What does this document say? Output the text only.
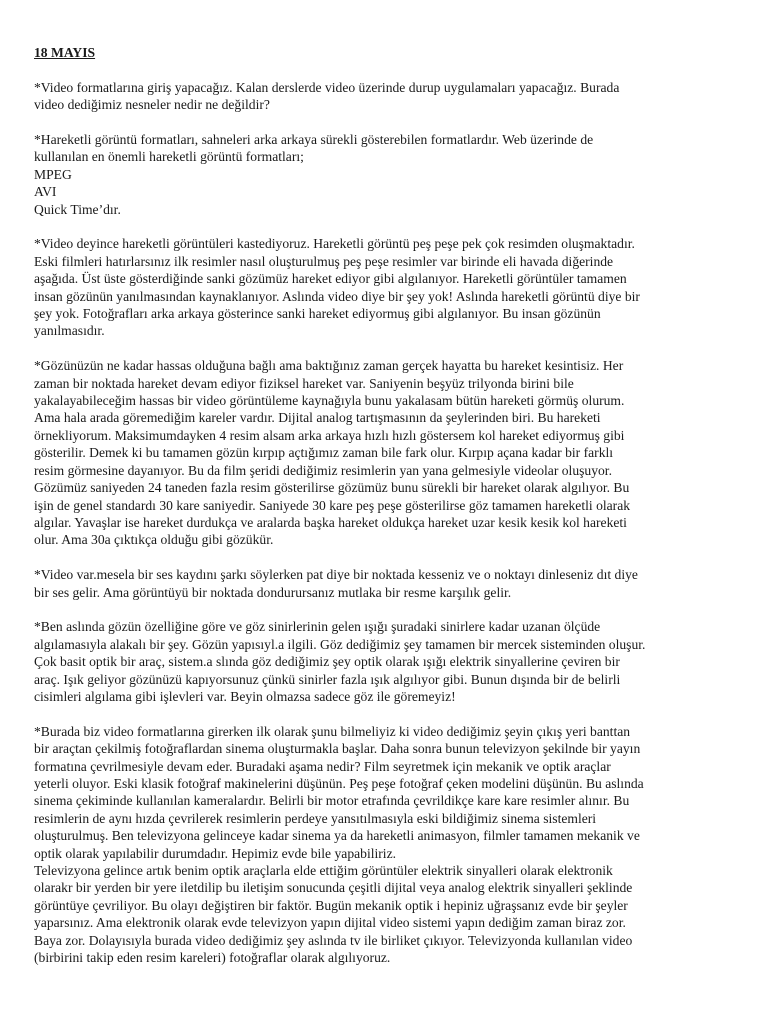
18 MAYIS
*Video formatlarına giriş yapacağız. Kalan derslerde video üzerinde durup uygulamaları yapacağız. Burada
video dediğimiz nesneler nedir ne değildir?
*Hareketli görüntü formatları, sahneleri arka arkaya sürekli gösterebilen formatlardır. Web üzerinde de
kullanılan en önemli hareketli görüntü formatları;
MPEG
AVI
Quick Time’dır.
*Video deyince hareketli görüntüleri kastediyoruz. Hareketli görüntü peş peşe pek çok resimden oluşmaktadır.
Eski filmleri hatırlarsınız ilk resimler nasıl oluşturulmuş peş peşe resimler var birinde eli havada diğerinde
aşağıda. Üst üste gösterdiğinde sanki gözümüz hareket ediyor gibi algılanıyor. Hareketli görüntüler tamamen
insan gözünün yanılmasından kaynaklanıyor. Aslında video diye bir şey yok! Aslında hareketli görüntü diye bir
şey yok. Fotoğrafları arka arkaya gösterince sanki hareket ediyormuş gibi algılanıyor. Bu insan gözünün
yanılmasıdır.
*Gözünüzün ne kadar hassas olduğuna bağlı ama baktığınız zaman gerçek hayatta bu hareket kesintisiz. Her
zaman bir noktada hareket devam ediyor fiziksel hareket var. Saniyenin beşyüz trilyonda birini bile
yakalayabileceğim hassas bir video görüntüleme kaynağıyla bunu yakalasam bütün hareketi görmüş olurum.
Ama hala arada göremediğim kareler vardır. Dijital analog tartışmasının da şeylerinden biri. Bu hareketi
örnekliyorum. Maksimumdayken 4 resim alsam arka arkaya hızlı hızlı göstersem kol hareket ediyormuş gibi
gösterilir. Demek ki bu tamamen gözün kırpıp açtığımız zaman bile fark olur. Kırpıp açana kadar bir farklı
resim görmesine dayanıyor. Bu da film şeridi dediğimiz resimlerin yan yana gelmesiyle videolar oluşuyor.
Gözümüz saniyeden 24 taneden fazla resim gösterilirse gözümüz bunu sürekli bir hareket olarak algılıyor. Bu
işin de genel standardı 30 kare saniyedir. Saniyede 30 kare peş peşe gösterilirse göz tamamen hareketli olarak
algılar. Yavaşlar ise hareket durdukça ve aralarda başka hareket oldukça hareket uzar kesik kesik kol hareketi
olur. Ama 30a çıktıkça olduğu gibi gözükür.
*Video var.mesela bir ses kaydını şarkı söylerken pat diye bir noktada kesseniz ve o noktayı dinleseniz dıt diye
bir ses gelir. Ama görüntüyü bir noktada dondurursanız mutlaka bir resme karşılık gelir.
*Ben aslında gözün özelliğine göre ve göz sinirlerinin gelen ışığı şuradaki sinirlere kadar uzanan ölçüde
algılamasıyla alakalı bir şey. Gözün yapısıyl.a ilgili. Göz dediğimiz şey tamamen bir mercek sisteminden oluşur.
Çok basit optik bir araç, sistem.a slında göz dediğimiz şey optik olarak ışığı elektrik sinyallerine çeviren bir
araç. Işık geliyor gözünüzü kapıyorsunuz çünkü sinirler fazla ışık algılıyor gibi. Bunun dışında bir de belirli
cisimleri algılama gibi işlevleri var. Beyin olmazsa sadece göz ile göremeyiz!
*Burada biz video formatlarına girerken ilk olarak şunu bilmeliyiz ki video dediğimiz şeyin çıkış yeri banttan
bir araçtan çekilmiş fotoğraflardan sinema oluşturmakla başlar. Daha sonra bunun televizyon şekilnde bir yayın
formatına çevrilmesiyle devam eder. Buradaki aşama nedir? Film seyretmek için mekanik ve optik araçlar
yeterli oluyor. Eski klasik fotoğraf makinelerini düşünün. Peş peşe fotoğraf çeken modelini düşünün. Bu aslında
sinema çekiminde kullanılan kameralardır. Belirli bir motor etrafında çevrildikçe kare kare resimler alınır. Bu
resimlerin de aynı hızda çevrilerek resimlerin perdeye yansıtılmasıyla eski bildiğimiz sinema sistemleri
oluşturulmuş. Ben televizyona gelinceye kadar sinema ya da hareketli animasyon, filmler tamamen mekanik ve
optik olarak yapılabilir durumdadır. Hepimiz evde bile yapabiliriz.
Televizyona gelince artık benim optik araçlarla elde ettiğim görüntüler elektrik sinyalleri olarak elektronik
olarakr bir yerden bir yere iletdilip bu iletişim sonucunda çeşitli dijital veya analog elektrik sinyalleri şeklinde
görüntüye çevriliyor. Bu olayı değiştiren bir faktör. Bugün mekanik optik i hepiniz uğraşsanız evde bir şeyler
yaparsınız. Ama elektronik olarak evde televizyon yapın dijital video sistemi yapın dediğim zaman biraz zor.
Baya zor. Dolayısıyla burada video dediğimiz şey aslında tv ile birliket çıkıyor. Televizyonda kullanılan video
(birbirini takip eden resim kareleri) fotoğraflar olarak algılıyoruz.
